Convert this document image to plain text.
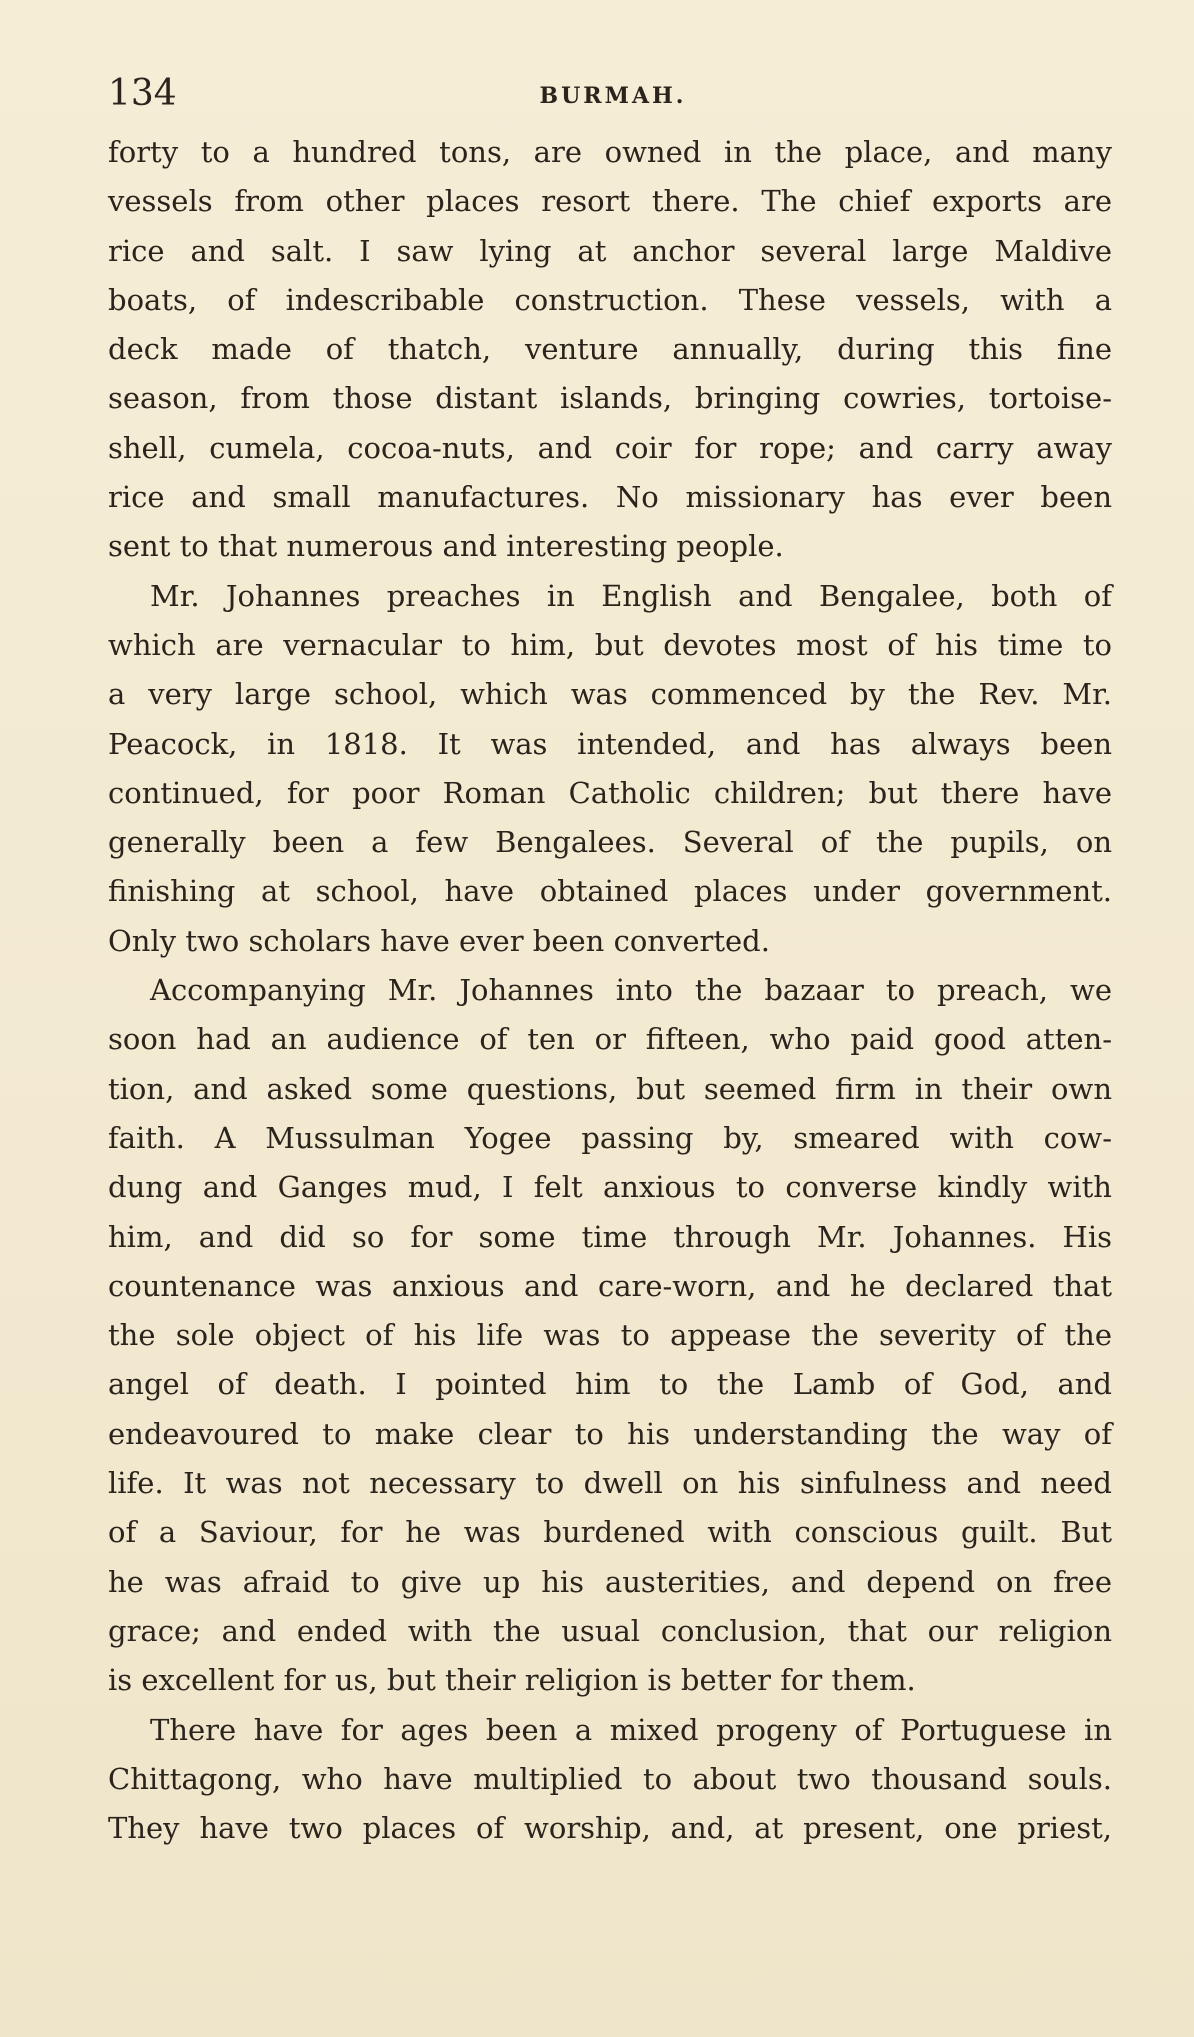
134	BURMAH.
forty to a hundred tons, are owned in the place, and many
vessels from other places resort there. The chief exports are
rice and salt. I saw lying at anchor several large Maldive
boats, of indescribable construction. These vessels, with a
deck made of thatch, venture annually, during this fine
season, from those distant islands, bringing cowries, tortoise-
shell, cumela, cocoa-nuts, and coir for rope; and carry away
rice and small manufactures. No missionary has ever been
sent to that numerous and interesting people.
Mr. Johannes preaches in English and Bengalee, both of
which are vernacular to him, but devotes most of his time to
a very large school, which was commenced by the Rev. Mr.
Peacock, in 1818. It was intended, and has always been
continued, for poor Roman Catholic children; but there have
generally been a few Bengalees. Several of the pupils, on
finishing at school, have obtained places under government.
Only two scholars have ever been converted.
Accompanying Mr. Johannes into the bazaar to preach, we
soon had an audience of ten or fifteen, who paid good atten-
tion, and asked some questions, but seemed firm in their own
faith. A Mussulman Yogee passing by, smeared with cow-
dung and Ganges mud, I felt anxious to converse kindly with
him, and did so for some time through Mr. Johannes. His
countenance was anxious and care-worn, and he declared that
the sole object of his life was to appease the severity of the
angel of death. I pointed him to the Lamb of God, and
endeavoured to make clear to his understanding the way of
life. It was not necessary to dwell on his sinfulness and need
of a Saviour, for he was burdened with conscious guilt. But
he was afraid to give up his austerities, and depend on free
grace; and ended with the usual conclusion, that our religion
is excellent for us, but their religion is better for them.
There have for ages been a mixed progeny of Portuguese in
Chittagong, who have multiplied to about two thousand souls.
They have two places of worship, and, at present, one priest,
